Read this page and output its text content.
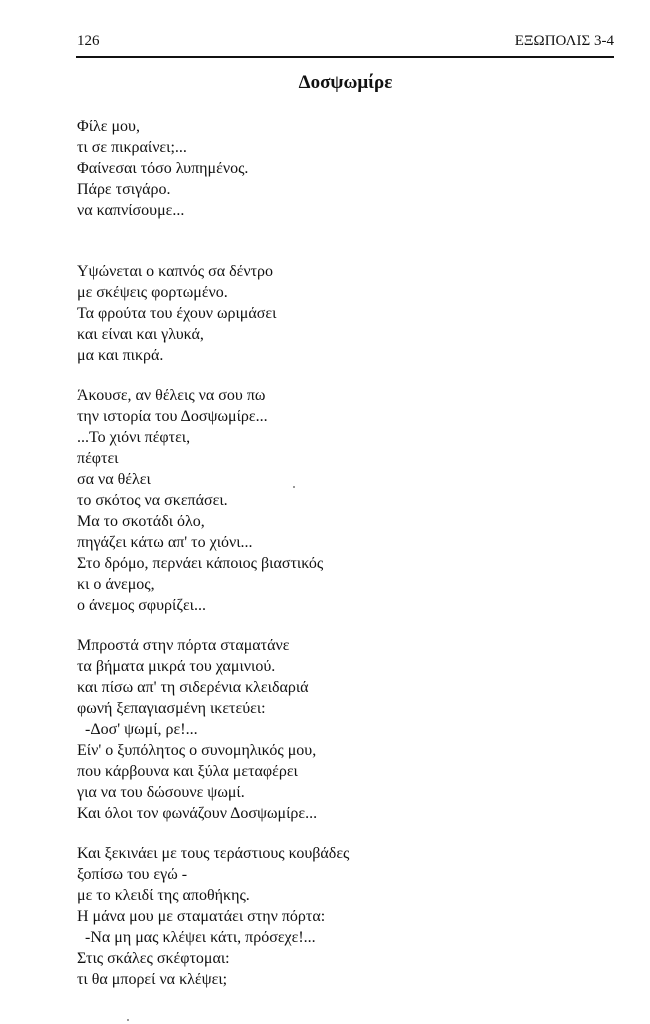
126	ΕΞΩΠΟΛΙΣ 3-4
Δοσψωμίρε
Φίλε μου,
τι σε πικραίνει;...
Φαίνεσαι τόσο λυπημένος.
Πάρε τσιγάρο.
να καπνίσουμε...
Υψώνεται ο καπνός σα δέντρο
με σκέψεις φορτωμένο.
Τα φρούτα του έχουν ωριμάσει
και είναι και γλυκά,
μα και πικρά.
Άκουσε, αν θέλεις να σου πω
την ιστορία του Δοσψωμίρε...
...Το χιόνι πέφτει,
πέφτει
σα να θέλει
το σκότος να σκεπάσει.
Μα το σκοτάδι όλο,
πηγάζει κάτω απ' το χιόνι...
Στο δρόμο, περνάει κάποιος βιαστικός
κι ο άνεμος,
ο άνεμος σφυρίζει...
Μπροστά στην πόρτα σταματάνε
τα βήματα μικρά του χαμινιού.
και πίσω απ' τη σιδερένια κλειδαριά
φωνή ξεπαγιασμένη ικετεύει:
-Δοσ' ψωμί, ρε!...
Είν' ο ξυπόλητος ο συνομηλικός μου,
που κάρβουνα και ξύλα μεταφέρει
για να του δώσουνε ψωμί.
Και όλοι τον φωνάζουν Δοσψωμίρε...
Και ξεκινάει με τους τεράστιους κουβάδες
ξοπίσω του εγώ -
με το κλειδί της αποθήκης.
Η μάνα μου με σταματάει στην πόρτα:
-Να μη μας κλέψει κάτι, πρόσεχε!...
Στις σκάλες σκέφτομαι:
τι θα μπορεί να κλέψει;
